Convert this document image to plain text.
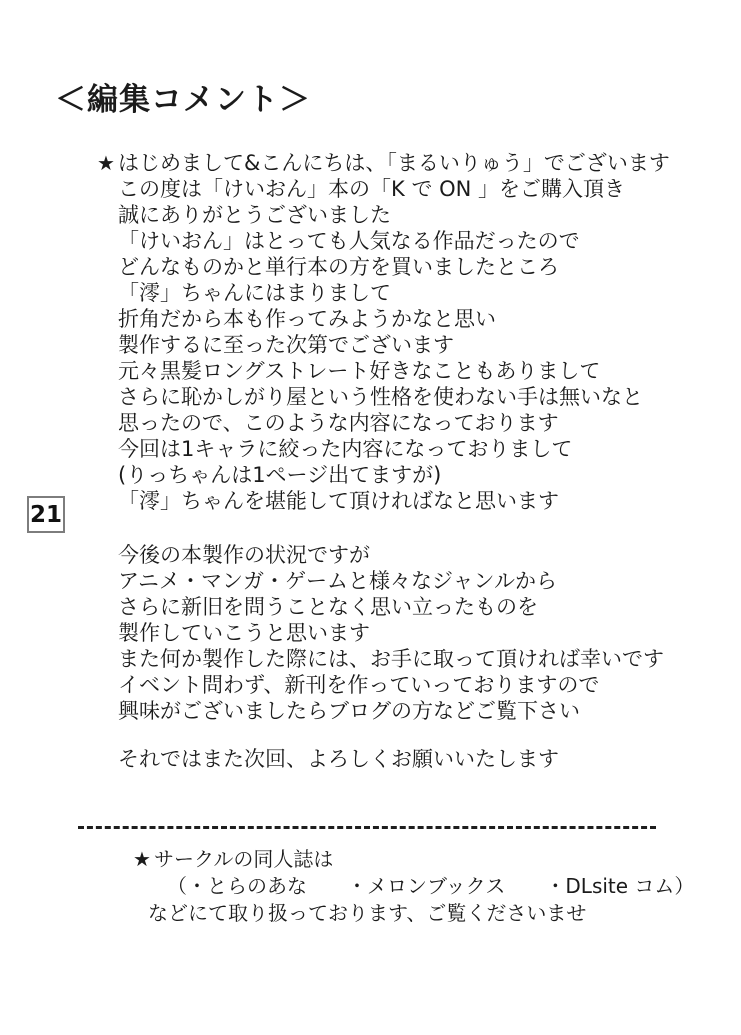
＜編集コメント＞
21
★ はじめまして&こんにちは、「まるいりゅう」でございます
この度は「けいおん」本の「K で ON 」をご購入頂き
誠にありがとうございました
「けいおん」はとっても人気なる作品だったので
どんなものかと単行本の方を買いましたところ
「澪」ちゃんにはまりまして
折角だから本も作ってみようかなと思い
製作するに至った次第でございます
元々黒髪ロングストレート好きなこともありまして
さらに恥かしがり屋という性格を使わない手は無いなと
思ったので、このような内容になっております
今回は1キャラに絞った内容になっておりまして
(りっちゃんは1ページ出てますが)
「澪」ちゃんを堪能して頂ければなと思います
今後の本製作の状況ですが
アニメ・マンガ・ゲームと様々なジャンルから
さらに新旧を問うことなく思い立ったものを
製作していこうと思います
また何か製作した際には、お手に取って頂ければ幸いです
イベント問わず、新刊を作っていっておりますので
興味がございましたらブログの方などご覧下さい
それではまた次回、よろしくお願いいたします
★ サークルの同人誌は
（・とらのあな　　・メロンブックス　　・DLsite コム）
などにて取り扱っております、ご覧くださいませ
